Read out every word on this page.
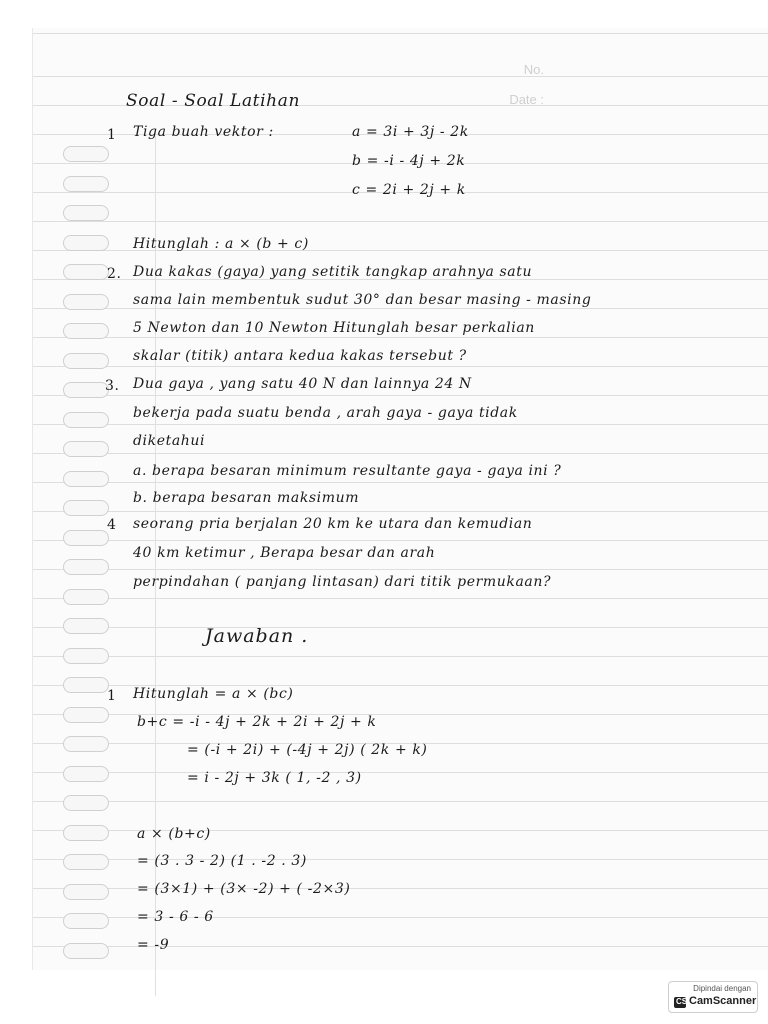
No.
Date :
Soal - Soal Latihan
1 Tiga buah vektor :	a = 3i + 3j - 2k
b = -i - 4j + 2k
c = 2i + 2j + k
Hitunglah : a × (b + c)
2. Dua kakas (gaya) yang setitik tangkap arahnya satu
sama lain membentuk sudut 30° dan besar masing - masing
5 Newton dan 10 Newton Hitunglah besar perkalian
skalar (titik) antara kedua kakas tersebut ?
3. Dua gaya , yang satu 40 N dan lainnya 24 N
bekerja pada suatu benda , arah gaya - gaya tidak
diketahui
a. berapa besaran minimum resultante gaya - gaya ini ?
b. berapa besaran maksimum
4 seorang pria berjalan 20 km ke utara dan kemudian
40 km ketimur , Berapa besar dan arah
perpindahan ( panjang lintasan) dari titik permukaan?
Jawaban .
1 Hitunglah = a × (bc)
b+c = -i - 4j + 2k + 2i + 2j + k
= (-i + 2i) + (-4j + 2j) ( 2k + k)
= i - 2j + 3k ( 1, -2 , 3)
a × (b+c)
= (3 . 3 - 2) (1 . -2 . 3)
= (3×1) + (3× -2) + ( -2×3)
= 3 - 6 - 6
= -9
Dipindai dengan
CS CamScanner
